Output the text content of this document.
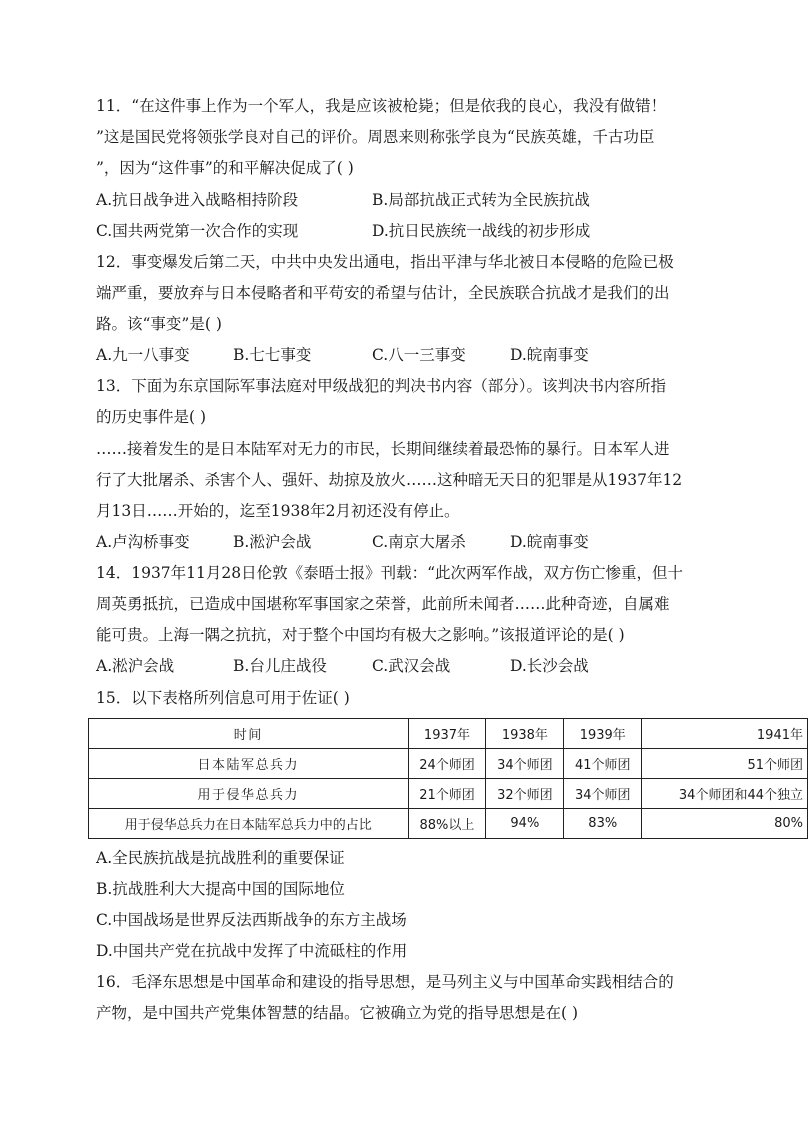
11．“在这件事上作为一个军人，我是应该被枪毙；但是依我的良心，我没有做错！
”这是国民党将领张学良对自己的评价。周恩来则称张学良为“民族英雄，千古功臣
”，因为“这件事”的和平解决促成了( )
A.抗日战争进入战略相持阶段	B.局部抗战正式转为全民族抗战
C.国共两党第一次合作的实现	D.抗日民族统一战线的初步形成
12．事变爆发后第二天，中共中央发出通电，指出平津与华北被日本侵略的危险已极
端严重，要放弃与日本侵略者和平苟安的希望与估计，全民族联合抗战才是我们的出
路。该“事变”是( )
A.九一八事变	B.七七事变	C.八一三事变	D.皖南事变
13．下面为东京国际军事法庭对甲级战犯的判决书内容（部分）。该判决书内容所指
的历史事件是( )
……接着发生的是日本陆军对无力的市民，长期间继续着最恐怖的暴行。日本军人进
行了大批屠杀、杀害个人、强奸、劫掠及放火……这种暗无天日的犯罪是从1937年12
月13日……开始的，迄至1938年2月初还没有停止。
A.卢沟桥事变	B.淞沪会战	C.南京大屠杀	D.皖南事变
14．1937年11月28日伦敦《泰晤士报》刊载：“此次两军作战，双方伤亡惨重，但十
周英勇抵抗，已造成中国堪称军事国家之荣誉，此前所未闻者……此种奇迹，自属难
能可贵。上海一隅之抗抗，对于整个中国均有极大之影响。”该报道评论的是( )
A.淞沪会战	B.台儿庄战役	C.武汉会战	D.长沙会战
15．以下表格所列信息可用于佐证( )
时间	1937年	1938年	1939年	1941年
日本陆军总兵力	24个师团	34个师团	41个师团	51个师团
用于侵华总兵力	21个师团	32个师团	34个师团	34个师团和44个独立
用于侵华总兵力在日本陆军总兵力中的占比	88%以上	94%	83%	80%
A.全民族抗战是抗战胜利的重要保证
B.抗战胜利大大提高中国的国际地位
C.中国战场是世界反法西斯战争的东方主战场
D.中国共产党在抗战中发挥了中流砥柱的作用
16．毛泽东思想是中国革命和建设的指导思想，是马列主义与中国革命实践相结合的
产物，是中国共产党集体智慧的结晶。它被确立为党的指导思想是在( )
